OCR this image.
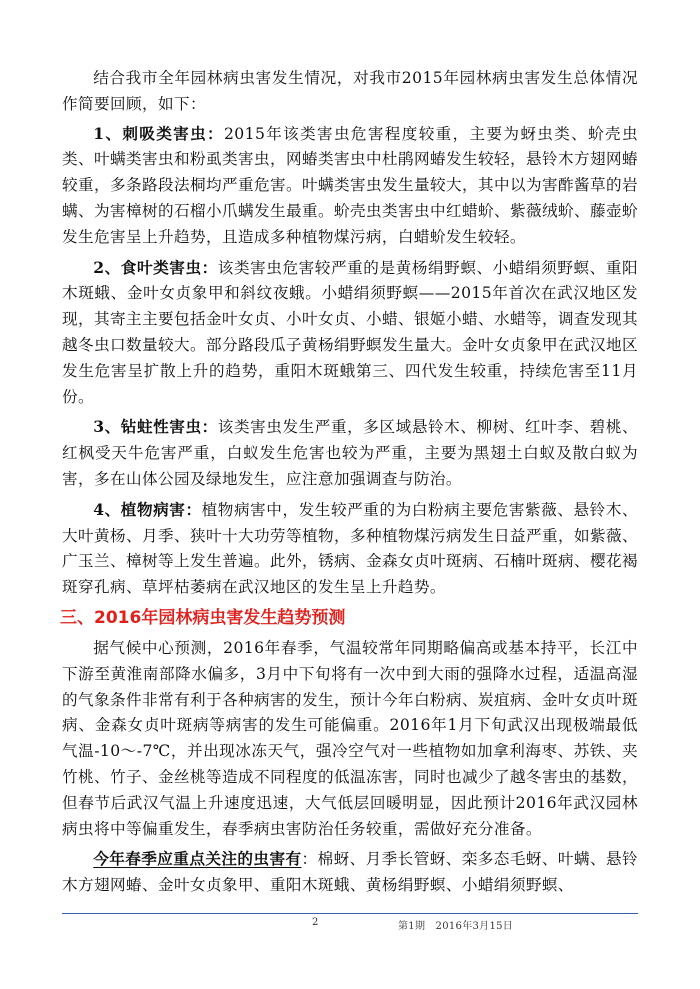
结合我市全年园林病虫害发生情况，对我市2015年园林病虫害发生总体情况作简要回顾，如下：

1、刺吸类害虫：2015年该类害虫危害程度较重，主要为蚜虫类、蚧壳虫类、叶螨类害虫和粉虱类害虫，网蝽类害虫中杜鹃网蝽发生较轻，悬铃木方翅网蝽较重，多条路段法桐均严重危害。叶螨类害虫发生量较大，其中以为害酢酱草的岩螨、为害樟树的石榴小爪螨发生最重。蚧壳虫类害虫中红蜡蚧、紫薇绒蚧、藤壶蚧发生危害呈上升趋势，且造成多种植物煤污病，白蜡蚧发生较轻。

2、食叶类害虫：该类害虫危害较严重的是黄杨绢野螟、小蜡绢须野螟、重阳木斑蛾、金叶女贞象甲和斜纹夜蛾。小蜡绢须野螟——2015年首次在武汉地区发现，其寄主主要包括金叶女贞、小叶女贞、小蜡、银姬小蜡、水蜡等，调查发现其越冬虫口数量较大。部分路段瓜子黄杨绢野螟发生量大。金叶女贞象甲在武汉地区发生危害呈扩散上升的趋势，重阳木斑蛾第三、四代发生较重，持续危害至11月份。

3、钻蛀性害虫：该类害虫发生严重，多区域悬铃木、柳树、红叶李、碧桃、红枫受天牛危害严重，白蚁发生危害也较为严重，主要为黑翅土白蚁及散白蚁为害，多在山体公园及绿地发生，应注意加强调查与防治。

4、植物病害：植物病害中，发生较严重的为白粉病主要危害紫薇、悬铃木、大叶黄杨、月季、狭叶十大功劳等植物，多种植物煤污病发生日益严重，如紫薇、广玉兰、樟树等上发生普遍。此外，锈病、金森女贞叶斑病、石楠叶斑病、樱花褐斑穿孔病、草坪枯萎病在武汉地区的发生呈上升趋势。

三、2016年园林病虫害发生趋势预测

据气候中心预测，2016年春季，气温较常年同期略偏高或基本持平，长江中下游至黄淮南部降水偏多，3月中下旬将有一次中到大雨的强降水过程，适温高湿的气象条件非常有利于各种病害的发生，预计今年白粉病、炭疽病、金叶女贞叶斑病、金森女贞叶斑病等病害的发生可能偏重。2016年1月下旬武汉出现极端最低气温-10～-7℃，并出现冰冻天气，强冷空气对一些植物如加拿利海枣、苏铁、夹竹桃、竹子、金丝桃等造成不同程度的低温冻害，同时也减少了越冬害虫的基数，但春节后武汉气温上升速度迅速，大气低层回暖明显，因此预计2016年武汉园林病虫将中等偏重发生，春季病虫害防治任务较重，需做好充分准备。

今年春季应重点关注的虫害有：棉蚜、月季长管蚜、栾多态毛蚜、叶螨、悬铃木方翅网蝽、金叶女贞象甲、重阳木斑蛾、黄杨绢野螟、小蜡绢须野螟、

2	第1期　2016年3月15日
